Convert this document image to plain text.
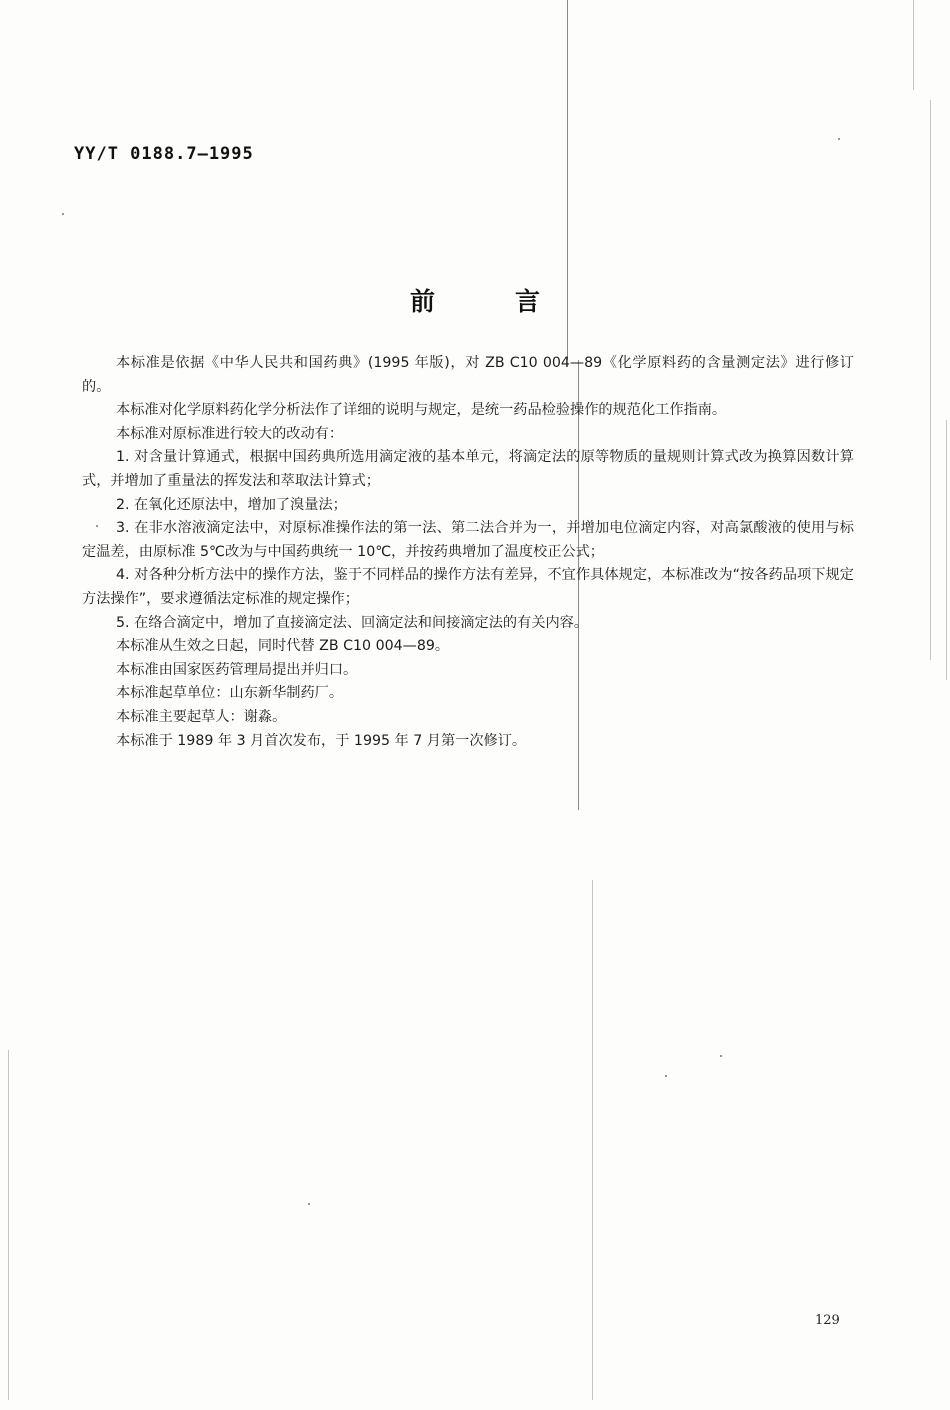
YY/T 0188.7—1995
前言

本标准是依据《中华人民共和国药典》(1995 年版)，对 ZB C10 004—89《化学原料药的含量测定法》进行修订的。

本标准对化学原料药化学分析法作了详细的说明与规定，是统一药品检验操作的规范化工作指南。

本标准对原标准进行较大的改动有：

1. 对含量计算通式，根据中国药典所选用滴定液的基本单元，将滴定法的原等物质的量规则计算式改为换算因数计算式，并增加了重量法的挥发法和萃取法计算式；

2. 在氧化还原法中，增加了溴量法；

3. 在非水溶液滴定法中，对原标准操作法的第一法、第二法合并为一，并增加电位滴定内容，对高氯酸液的使用与标定温差，由原标准 5℃改为与中国药典统一 10℃，并按药典增加了温度校正公式；

4. 对各种分析方法中的操作方法，鉴于不同样品的操作方法有差异，不宜作具体规定，本标准改为“按各药品项下规定方法操作”，要求遵循法定标准的规定操作；

5. 在络合滴定中，增加了直接滴定法、回滴定法和间接滴定法的有关内容。

本标准从生效之日起，同时代替 ZB C10 004—89。

本标准由国家医药管理局提出并归口。

本标准起草单位：山东新华制药厂。

本标准主要起草人：谢淼。

本标准于 1989 年 3 月首次发布，于 1995 年 7 月第一次修订。

129
